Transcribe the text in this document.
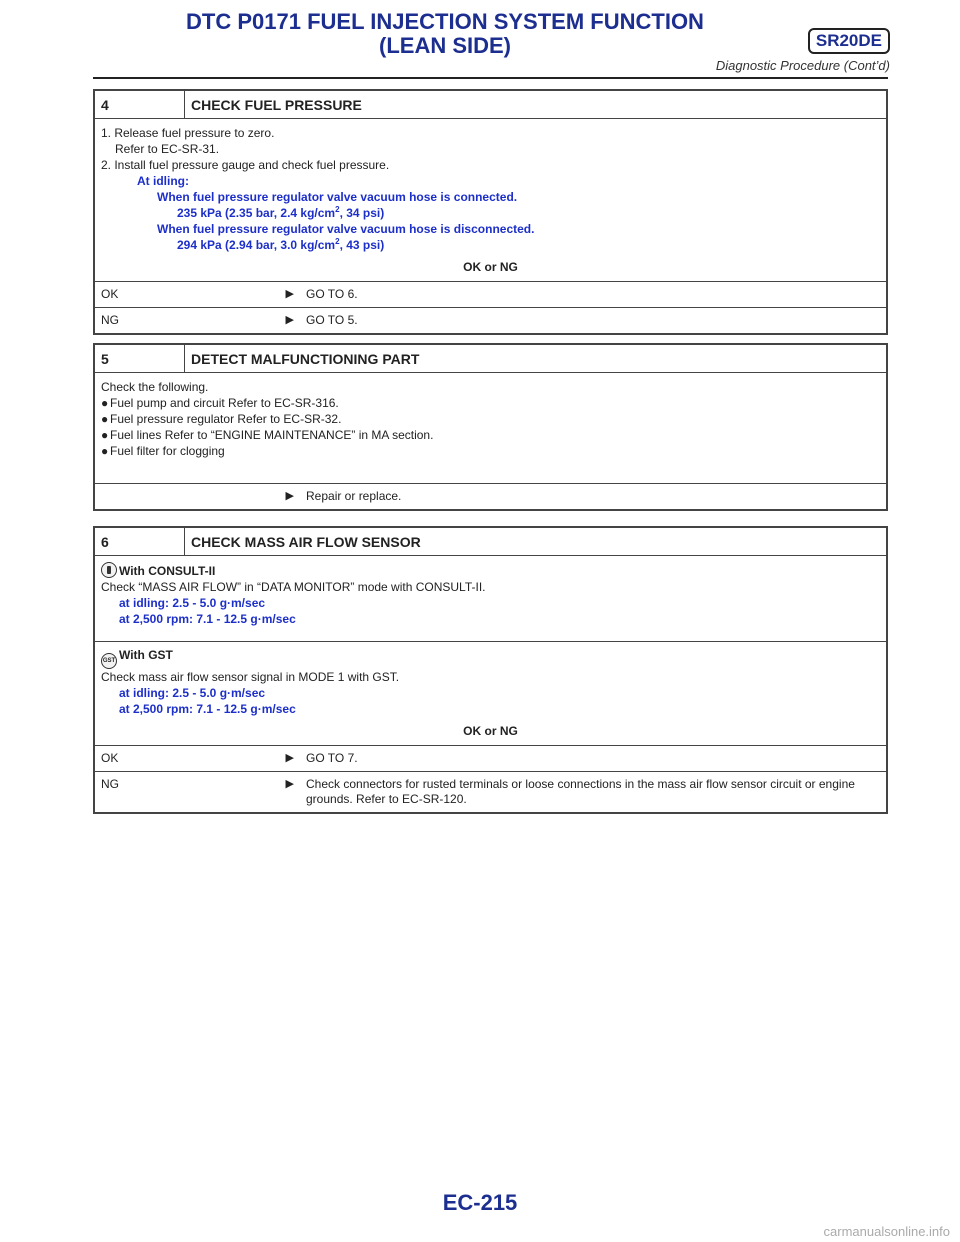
DTC P0171 FUEL INJECTION SYSTEM FUNCTION
(LEAN SIDE)	SR20DE
Diagnostic Procedure (Cont’d)
4	CHECK FUEL PRESSURE
1. Release fuel pressure to zero.
Refer to EC-SR-31.
2. Install fuel pressure gauge and check fuel pressure.
At idling:
When fuel pressure regulator valve vacuum hose is connected.
235 kPa (2.35 bar, 2.4 $kg/cm^2$, 34 psi)
When fuel pressure regulator valve vacuum hose is disconnected.
294 kPa (2.94 bar, 3.0 $kg/cm^2$, 43 psi)
OK or NG
OK	▶	GO TO 6.
NG	▶	GO TO 5.
5	DETECT MALFUNCTIONING PART
Check the following.
● Fuel pump and circuit Refer to EC-SR-316.
● Fuel pressure regulator Refer to EC-SR-32.
● Fuel lines Refer to “ENGINE MAINTENANCE” in MA section.
● Fuel filter for clogging
▶	Repair or replace.
6	CHECK MASS AIR FLOW SENSOR
With CONSULT-II
Check “MASS AIR FLOW” in “DATA MONITOR” mode with CONSULT-II.
at idling: 2.5 - 5.0 g·m/sec
at 2,500 rpm: 7.1 - 12.5 g·m/sec
GST With GST
Check mass air flow sensor signal in MODE 1 with GST.
at idling: 2.5 - 5.0 g·m/sec
at 2,500 rpm: 7.1 - 12.5 g·m/sec
OK or NG
OK	▶	GO TO 7.
NG	▶	Check connectors for rusted terminals or loose connections in the mass air flow sensor circuit or engine grounds. Refer to EC-SR-120.
EC-215
carmanualsonline.info
